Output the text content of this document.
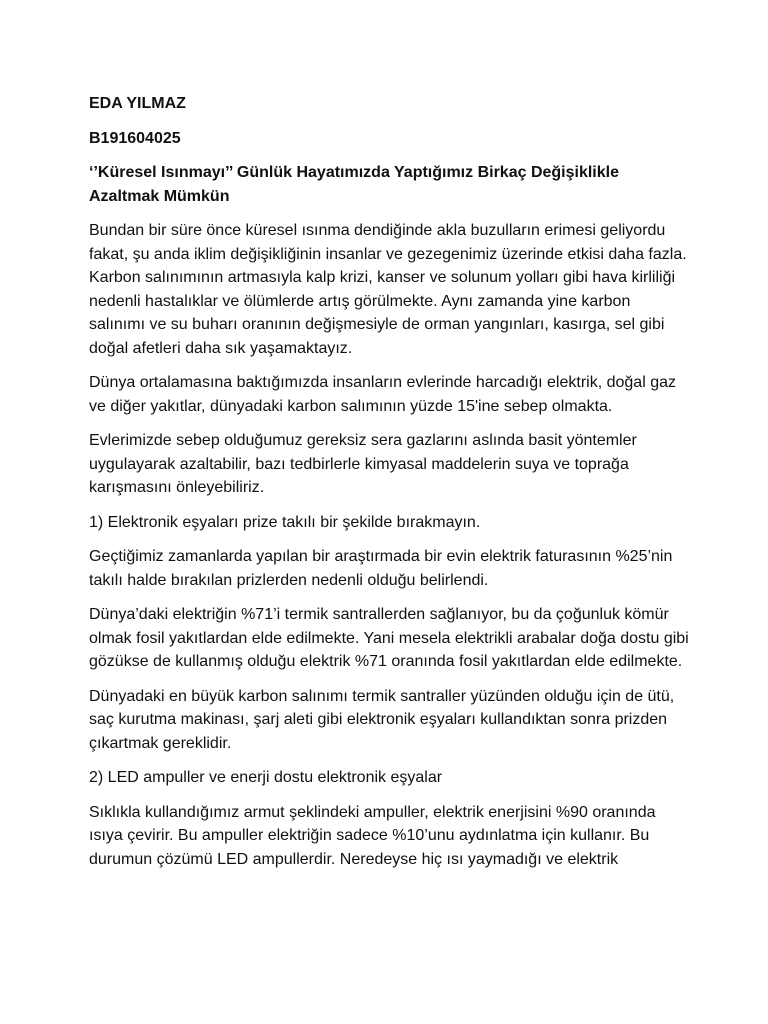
EDA YILMAZ

B191604025

‘’Küresel Isınmayı’’ Günlük Hayatımızda Yaptığımız Birkaç Değişiklikle Azaltmak Mümkün

Bundan bir süre önce küresel ısınma dendiğinde akla buzulların erimesi geliyordu fakat, şu anda iklim değişikliğinin insanlar ve gezegenimiz üzerinde etkisi daha fazla. Karbon salınımının artmasıyla kalp krizi, kanser ve solunum yolları gibi hava kirliliği nedenli hastalıklar ve ölümlerde artış görülmekte. Aynı zamanda yine karbon salınımı ve su buharı oranının değişmesiyle de orman yangınları, kasırga, sel gibi doğal afetleri daha sık yaşamaktayız.

Dünya ortalamasına baktığımızda insanların evlerinde harcadığı elektrik, doğal gaz ve diğer yakıtlar, dünyadaki karbon salımının yüzde 15'ine sebep olmakta.

Evlerimizde sebep olduğumuz gereksiz sera gazlarını aslında basit yöntemler uygulayarak azaltabilir, bazı tedbirlerle kimyasal maddelerin suya ve toprağa karışmasını önleyebiliriz.

1) Elektronik eşyaları prize takılı bir şekilde bırakmayın.

Geçtiğimiz zamanlarda yapılan bir araştırmada bir evin elektrik faturasının %25’nin takılı halde bırakılan prizlerden nedenli olduğu belirlendi.

Dünya’daki elektriğin %71’i termik santrallerden sağlanıyor, bu da çoğunluk kömür olmak fosil yakıtlardan elde edilmekte. Yani mesela elektrikli arabalar doğa dostu gibi gözükse de kullanmış olduğu elektrik %71 oranında fosil yakıtlardan elde edilmekte.

Dünyadaki en büyük karbon salınımı termik santraller yüzünden olduğu için de ütü, saç kurutma makinası, şarj aleti gibi elektronik eşyaları kullandıktan sonra prizden çıkartmak gereklidir.

2) LED ampuller ve enerji dostu elektronik eşyalar

Sıklıkla kullandığımız armut şeklindeki ampuller, elektrik enerjisini %90 oranında ısıya çevirir. Bu ampuller elektriğin sadece %10’unu aydınlatma için kullanır. Bu durumun çözümü LED ampullerdir. Neredeyse hiç ısı yaymadığı ve elektrik
